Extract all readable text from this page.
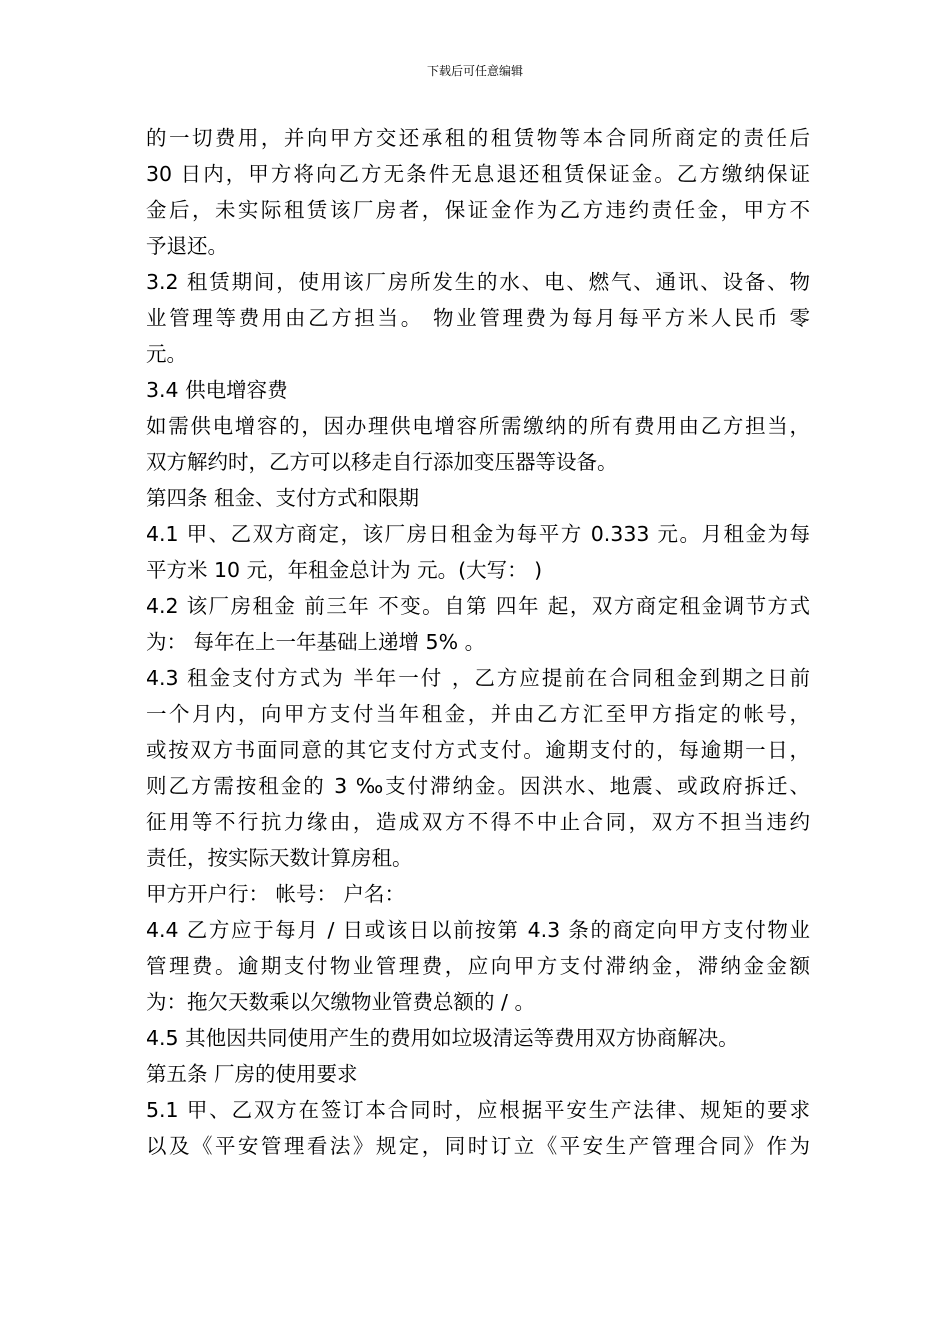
下载后可任意编辑
的一切费用，并向甲方交还承租的租赁物等本合同所商定的责任后
30 日内，甲方将向乙方无条件无息退还租赁保证金。乙方缴纳保证
金后，未实际租赁该厂房者，保证金作为乙方违约责任金，甲方不
予退还。
3.2 租赁期间，使用该厂房所发生的水、电、燃气、通讯、设备、物
业管理等费用由乙方担当。 物业管理费为每月每平方米人民币 零
元。
3.4 供电增容费
如需供电增容的，因办理供电增容所需缴纳的所有费用由乙方担当，
双方解约时，乙方可以移走自行添加变压器等设备。
第四条 租金、支付方式和限期
4.1 甲、乙双方商定，该厂房日租金为每平方 0.333 元。月租金为每
平方米 10 元，年租金总计为 元。(大写： )
4.2 该厂房租金 前三年 不变。自第 四年 起，双方商定租金调节方式
为： 每年在上一年基础上递增 5% 。
4.3 租金支付方式为 半年一付 ，乙方应提前在合同租金到期之日前
一个月内，向甲方支付当年租金，并由乙方汇至甲方指定的帐号，
或按双方书面同意的其它支付方式支付。逾期支付的，每逾期一日，
则乙方需按租金的 3 ‰支付滞纳金。因洪水、地震、或政府拆迁、
征用等不行抗力缘由，造成双方不得不中止合同，双方不担当违约
责任，按实际天数计算房租。
甲方开户行： 帐号： 户名：
4.4 乙方应于每月 / 日或该日以前按第 4.3 条的商定向甲方支付物业
管理费。逾期支付物业管理费，应向甲方支付滞纳金，滞纳金金额
为：拖欠天数乘以欠缴物业管费总额的 / 。
4.5 其他因共同使用产生的费用如垃圾清运等费用双方协商解决。
第五条 厂房的使用要求
5.1 甲、乙双方在签订本合同时，应根据平安生产法律、规矩的要求
以及《平安管理看法》规定，同时订立《平安生产管理合同》作为
